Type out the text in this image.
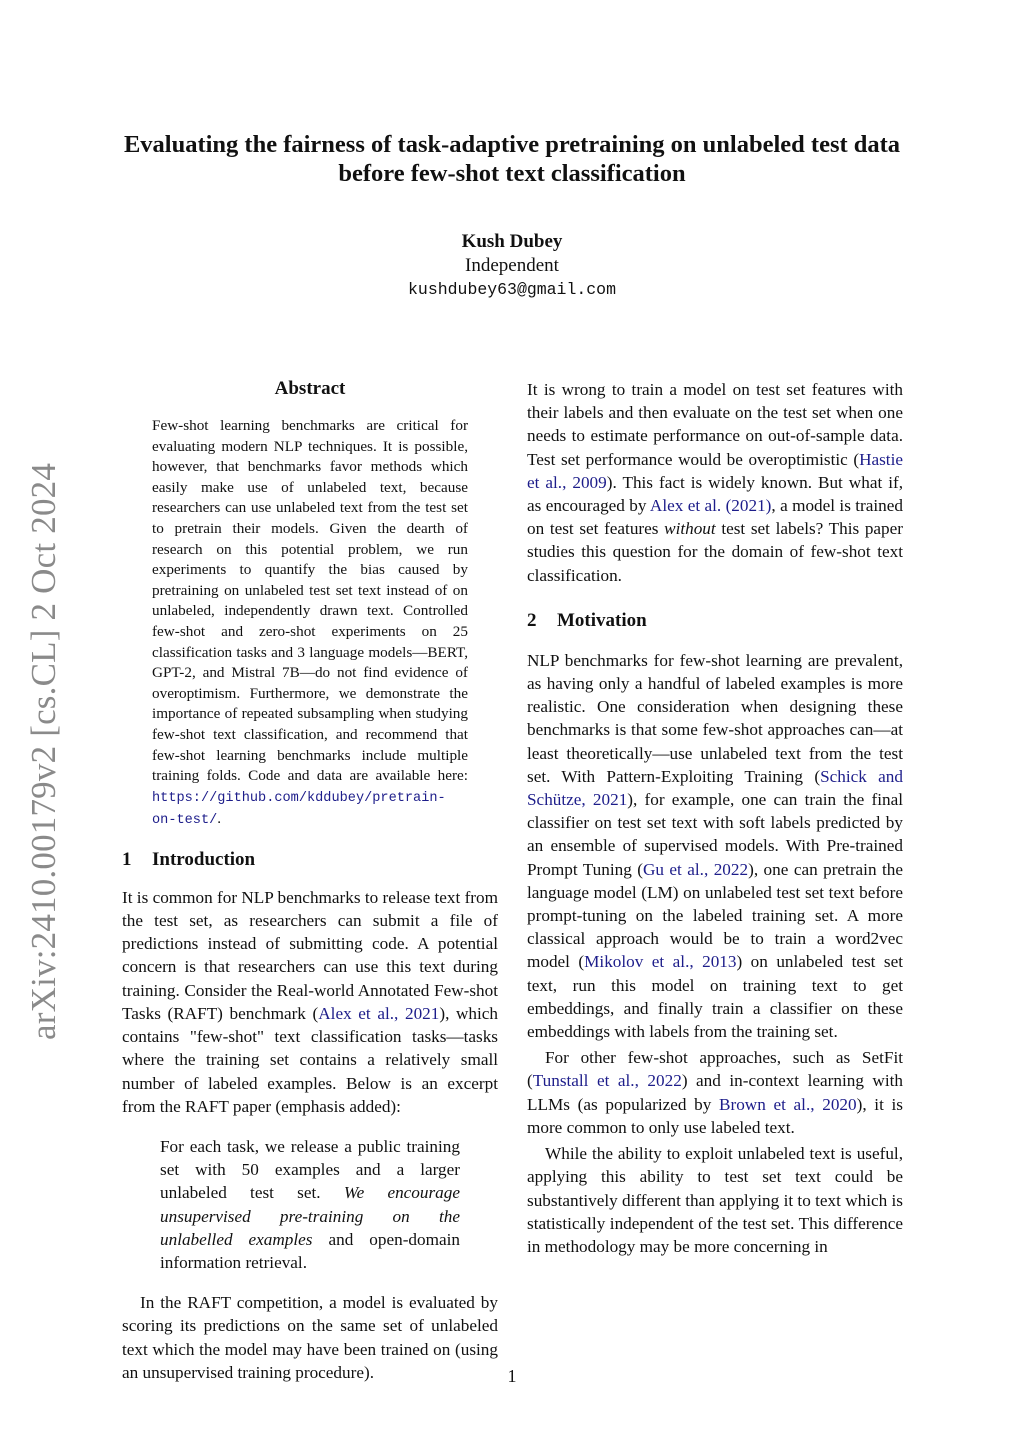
Evaluating the fairness of task-adaptive pretraining on unlabeled test data before few-shot text classification
Kush Dubey
Independent
kushdubey63@gmail.com
arXiv:2410.00179v2 [cs.CL] 2 Oct 2024
Abstract

Few-shot learning benchmarks are critical for evaluating modern NLP techniques. It is possible, however, that benchmarks favor methods which easily make use of unlabeled text, because researchers can use unlabeled text from the test set to pretrain their models. Given the dearth of research on this potential problem, we run experiments to quantify the bias caused by pretraining on unlabeled test set text instead of on unlabeled, independently drawn text. Controlled few-shot and zero-shot experiments on 25 classification tasks and 3 language models—BERT, GPT-2, and Mistral 7B—do not find evidence of overoptimism. Furthermore, we demonstrate the importance of repeated subsampling when studying few-shot text classification, and recommend that few-shot learning benchmarks include multiple training folds. Code and data are available here: https://github.com/kddubey/pretrain-on-test/.

1 Introduction

It is common for NLP benchmarks to release text from the test set, as researchers can submit a file of predictions instead of submitting code. A potential concern is that researchers can use this text during training. Consider the Real-world Annotated Few-shot Tasks (RAFT) benchmark (Alex et al., 2021), which contains "few-shot" text classification tasks—tasks where the training set contains a relatively small number of labeled examples. Below is an excerpt from the RAFT paper (emphasis added):

For each task, we release a public training set with 50 examples and a larger unlabeled test set. We encourage unsupervised pre-training on the unlabelled examples and open-domain information retrieval.

In the RAFT competition, a model is evaluated by scoring its predictions on the same set of unlabeled text which the model may have been trained on (using an unsupervised training procedure).

It is wrong to train a model on test set features with their labels and then evaluate on the test set when one needs to estimate performance on out-of-sample data. Test set performance would be overoptimistic (Hastie et al., 2009). This fact is widely known. But what if, as encouraged by Alex et al. (2021), a model is trained on test set features without test set labels? This paper studies this question for the domain of few-shot text classification.

2 Motivation

NLP benchmarks for few-shot learning are prevalent, as having only a handful of labeled examples is more realistic. One consideration when designing these benchmarks is that some few-shot approaches can—at least theoretically—use unlabeled text from the test set. With Pattern-Exploiting Training (Schick and Schütze, 2021), for example, one can train the final classifier on test set text with soft labels predicted by an ensemble of supervised models. With Pre-trained Prompt Tuning (Gu et al., 2022), one can pretrain the language model (LM) on unlabeled test set text before prompt-tuning on the labeled training set. A more classical approach would be to train a word2vec model (Mikolov et al., 2013) on unlabeled test set text, run this model on training text to get embeddings, and finally train a classifier on these embeddings with labels from the training set.

For other few-shot approaches, such as SetFit (Tunstall et al., 2022) and in-context learning with LLMs (as popularized by Brown et al., 2020), it is more common to only use labeled text.

While the ability to exploit unlabeled text is useful, applying this ability to test set text could be substantively different than applying it to text which is statistically independent of the test set. This difference in methodology may be more concerning in

1
